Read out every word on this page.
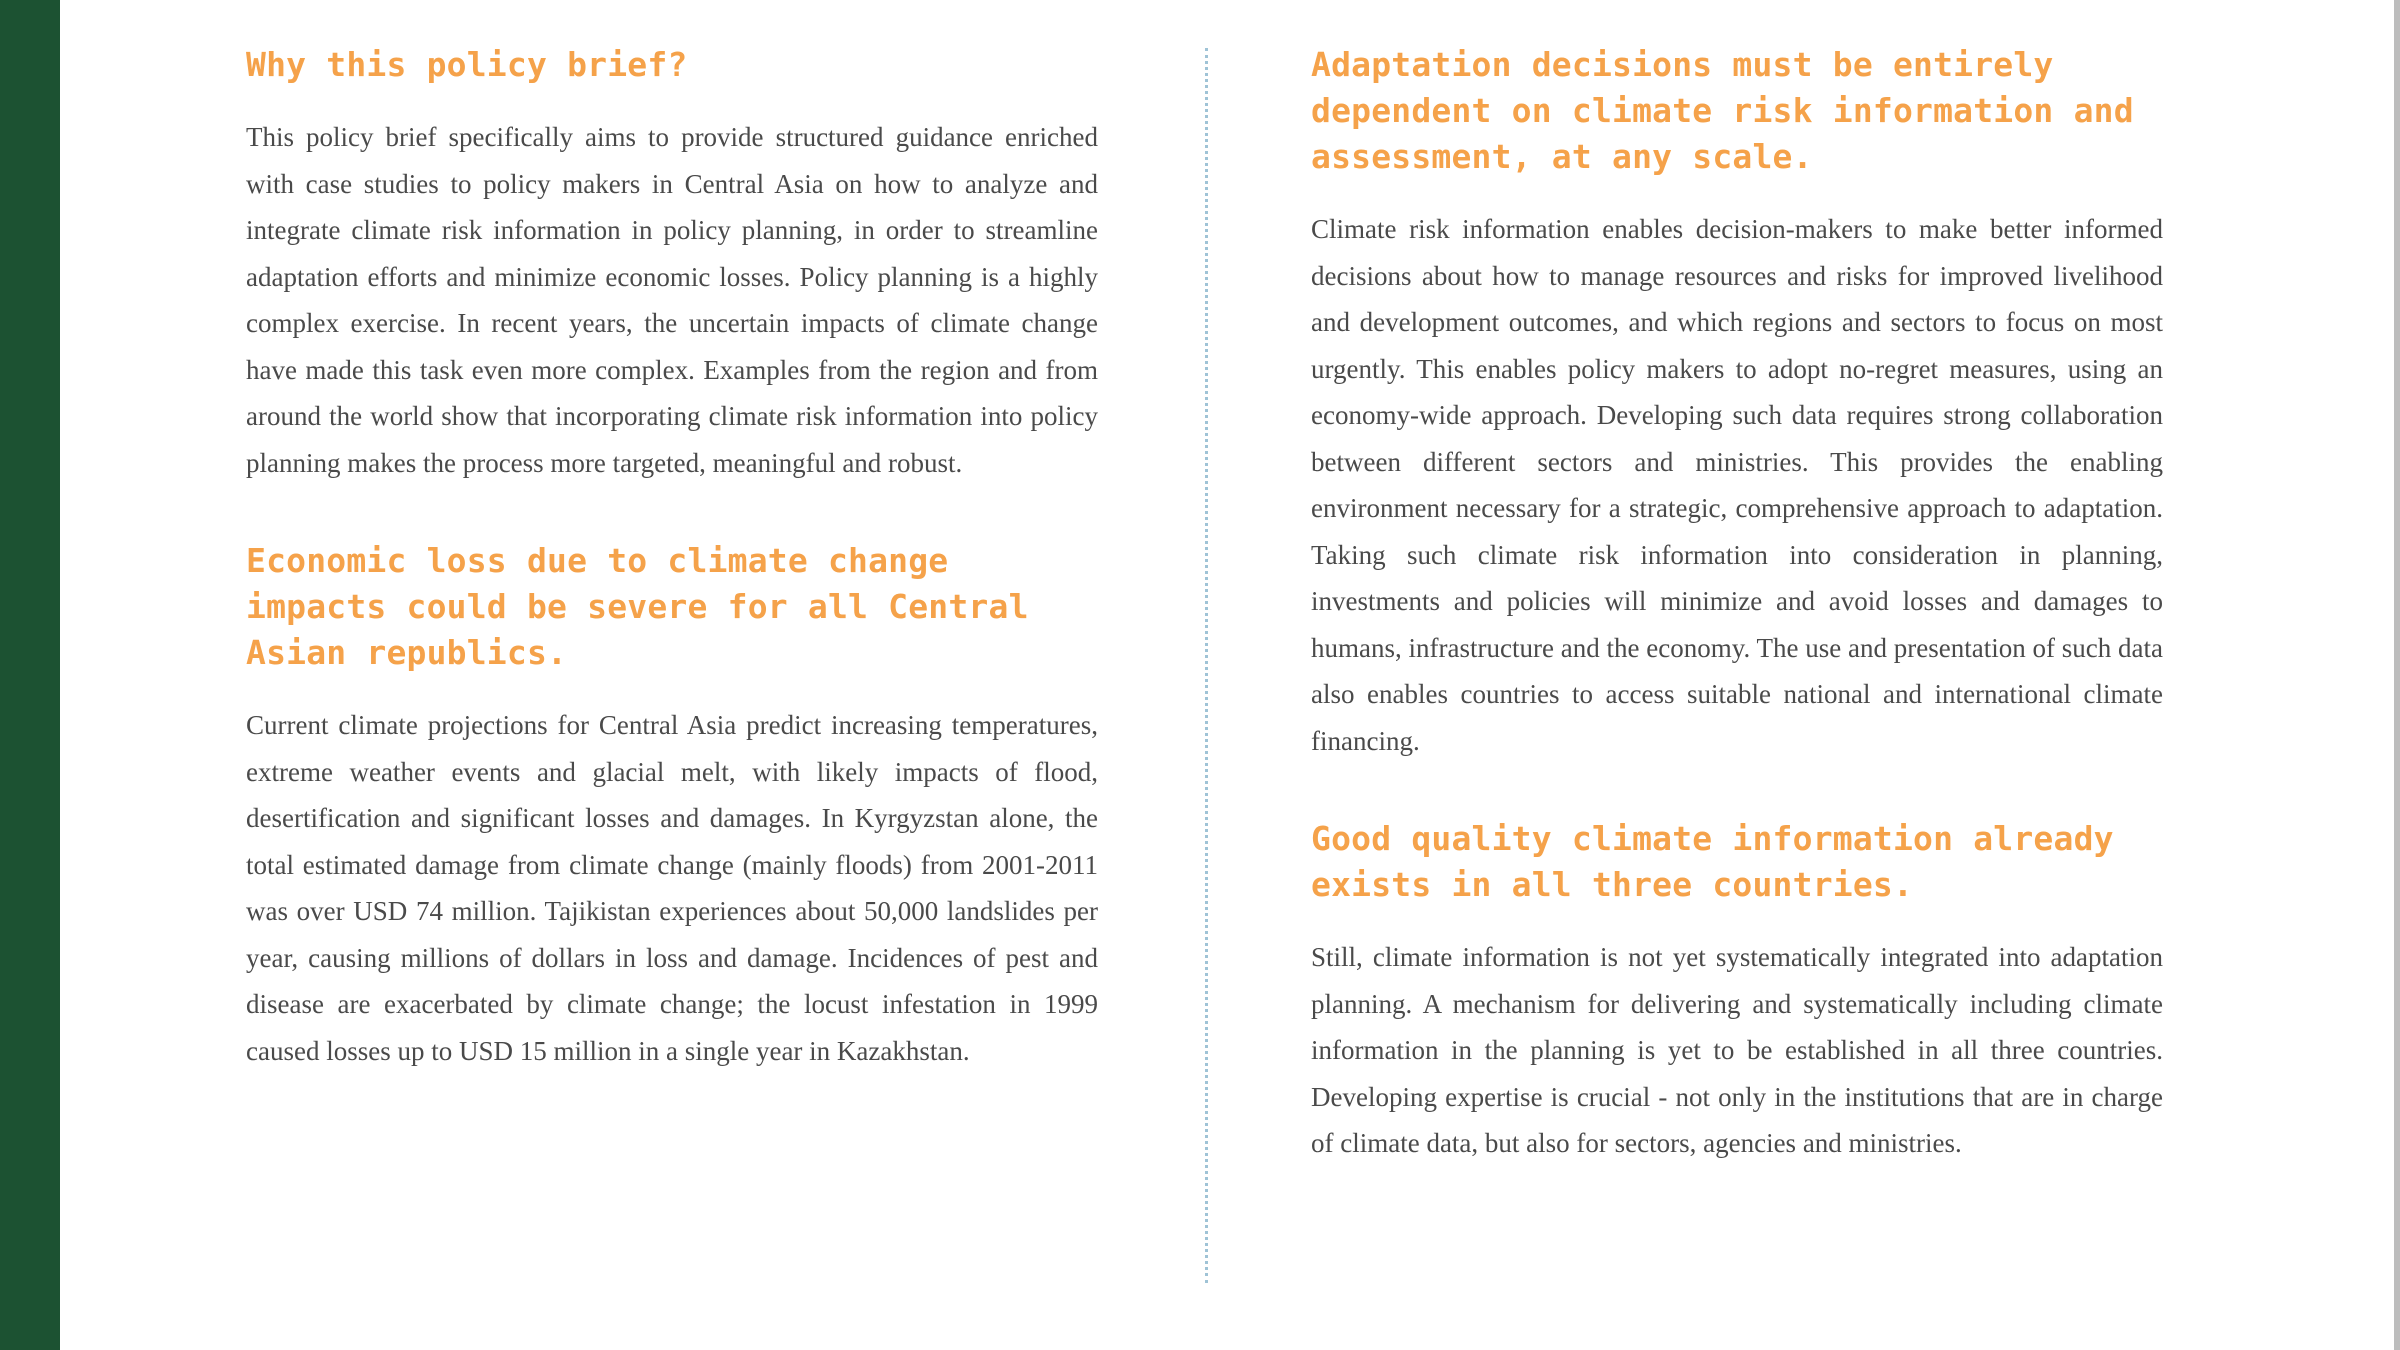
Why this policy brief?

This policy brief specifically aims to provide structured guidance enriched with case studies to policy makers in Central Asia on how to analyze and integrate climate risk information in policy planning, in order to streamline adaptation efforts and minimize economic losses. Policy planning is a highly complex exercise. In recent years, the uncertain impacts of climate change have made this task even more complex. Examples from the region and from around the world show that incorporating climate risk information into policy planning makes the process more targeted, meaningful and robust.

Economic loss due to climate change impacts could be severe for all Central Asian republics.

Current climate projections for Central Asia predict increasing temperatures, extreme weather events and glacial melt, with likely impacts of flood, desertification and significant losses and damages. In Kyrgyzstan alone, the total estimated damage from climate change (mainly floods) from 2001-2011 was over USD 74 million. Tajikistan experiences about 50,000 landslides per year, causing millions of dollars in loss and damage. Incidences of pest and disease are exacerbated by climate change; the locust infestation in 1999 caused losses up to USD 15 million in a single year in Kazakhstan.

Adaptation decisions must be entirely dependent on climate risk information and assessment, at any scale.

Climate risk information enables decision-makers to make better informed decisions about how to manage resources and risks for improved livelihood and development outcomes, and which regions and sectors to focus on most urgently. This enables policy makers to adopt no-regret measures, using an economy-wide approach. Developing such data requires strong collaboration between different sectors and ministries. This provides the enabling environment necessary for a strategic, comprehensive approach to adaptation. Taking such climate risk information into consideration in planning, investments and policies will minimize and avoid losses and damages to humans, infrastructure and the economy. The use and presentation of such data also enables countries to access suitable national and international climate financing.

Good quality climate information already exists in all three countries.

Still, climate information is not yet systematically integrated into adaptation planning. A mechanism for delivering and systematically including climate information in the planning is yet to be established in all three countries. Developing expertise is crucial - not only in the institutions that are in charge of climate data, but also for sectors, agencies and ministries.
